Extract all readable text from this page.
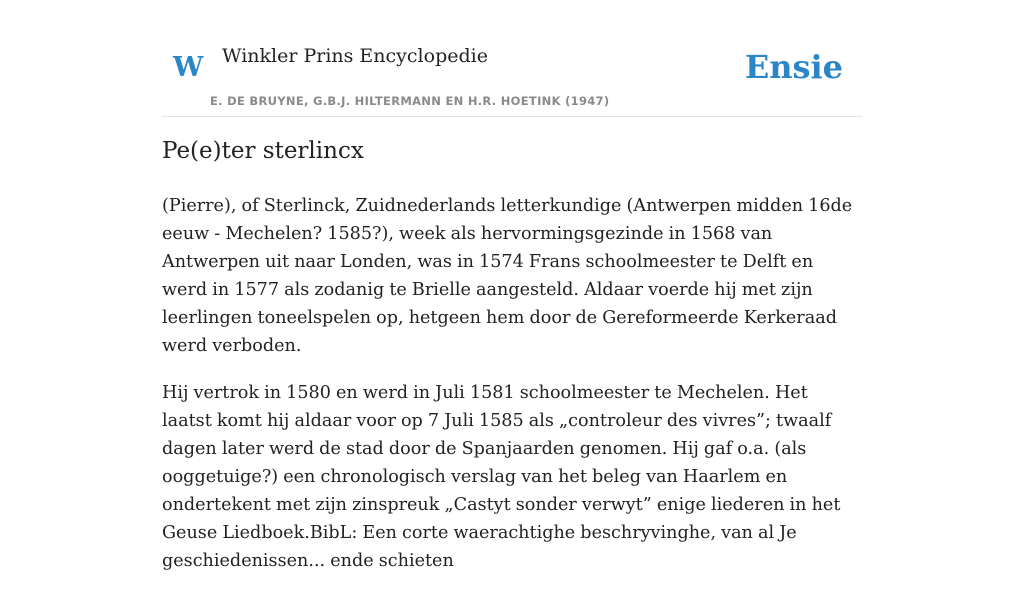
W Winkler Prins Encyclopedie
E. DE BRUYNE, G.B.J. HILTERMANN EN H.R. HOETINK (1947)
Ensie
Pe(e)ter sterlincx

(Pierre), of Sterlinck, Zuidnederlands letterkundige (Antwerpen midden 16de eeuw - Mechelen? 1585?), week als hervormingsgezinde in 1568 van Antwerpen uit naar Londen, was in 1574 Frans schoolmeester te Delft en werd in 1577 als zodanig te Brielle aangesteld. Aldaar voerde hij met zijn leerlingen toneelspelen op, hetgeen hem door de Gereformeerde Kerkeraad werd verboden.

Hij vertrok in 1580 en werd in Juli 1581 schoolmeester te Mechelen. Het laatst komt hij aldaar voor op 7 Juli 1585 als „controleur des vivres”; twaalf dagen later werd de stad door de Spanjaarden genomen. Hij gaf o.a. (als ooggetuige?) een chronologisch verslag van het beleg van Haarlem en ondertekent met zijn zinspreuk „Castyt sonder verwyt” enige liederen in het Geuse Liedboek.BibL: Een corte waerachtighe beschryvinghe, van al Je geschiedenissen... ende schieten
